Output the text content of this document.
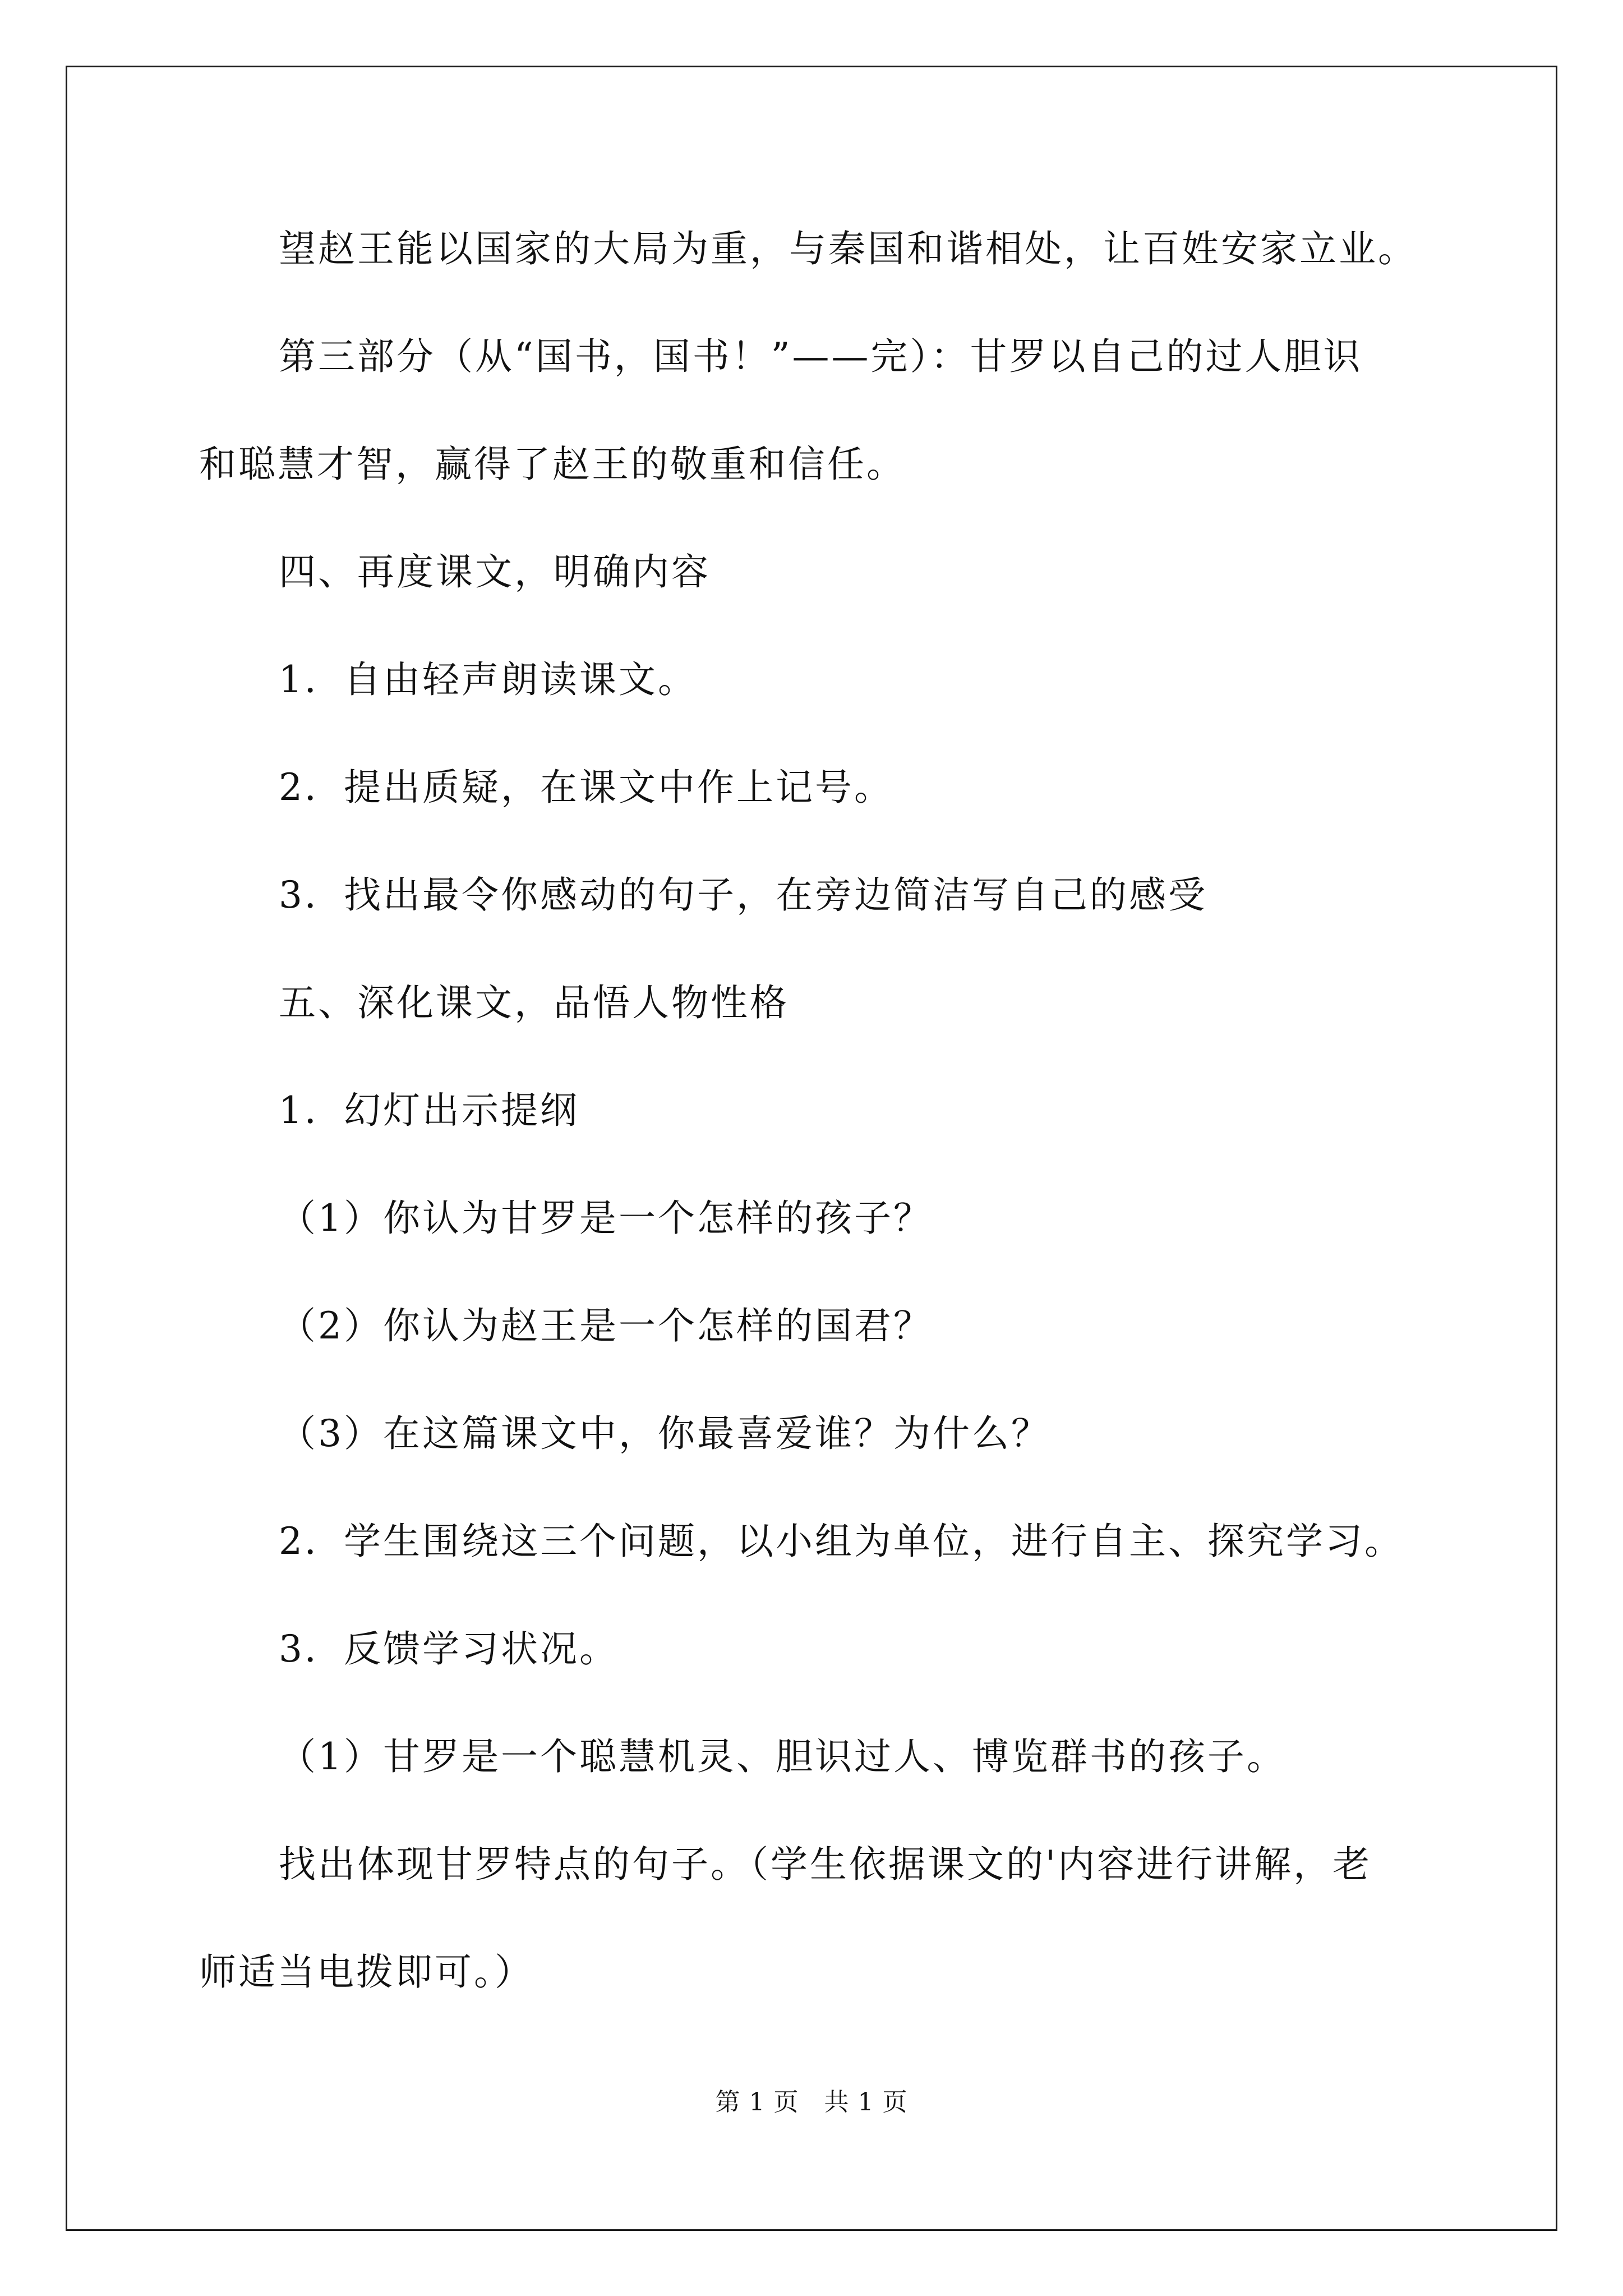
望赵王能以国家的大局为重，与秦国和谐相处，让百姓安家立业。
第三部分（从“国书，国书！”——完）：甘罗以自己的过人胆识
和聪慧才智，赢得了赵王的敬重和信任。
四、再度课文，明确内容
1．自由轻声朗读课文。
2．提出质疑，在课文中作上记号。
3．找出最令你感动的句子，在旁边简洁写自己的感受
五、深化课文，品悟人物性格
1．幻灯出示提纲
（1）你认为甘罗是一个怎样的孩子？
（2）你认为赵王是一个怎样的国君？
（3）在这篇课文中，你最喜爱谁？为什么？
2．学生围绕这三个问题，以小组为单位，进行自主、探究学习。
3．反馈学习状况。
（1）甘罗是一个聪慧机灵、胆识过人、博览群书的孩子。
找出体现甘罗特点的句子。（学生依据课文的'内容进行讲解，老
师适当电拨即可。）
第 1 页 共 1 页
